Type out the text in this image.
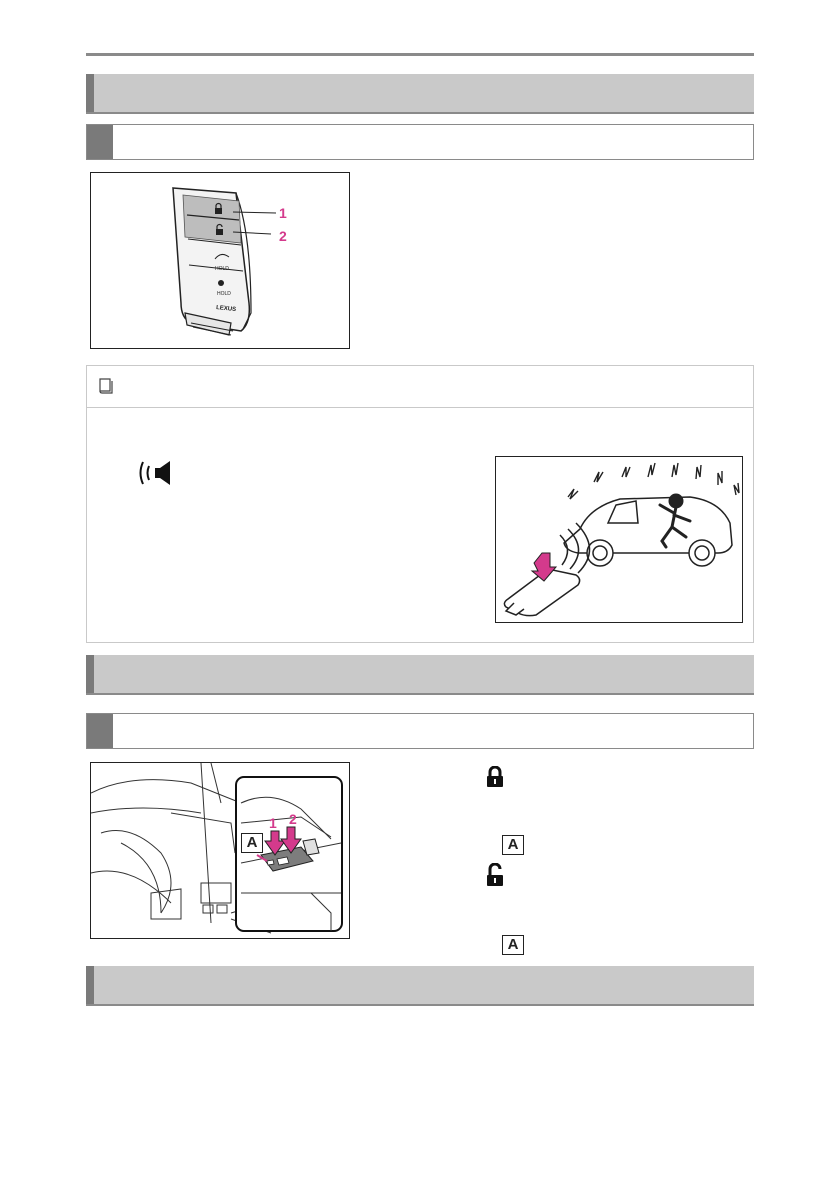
HOLD
HOLD
LEXUS
1
2
1 2
A	A
A
